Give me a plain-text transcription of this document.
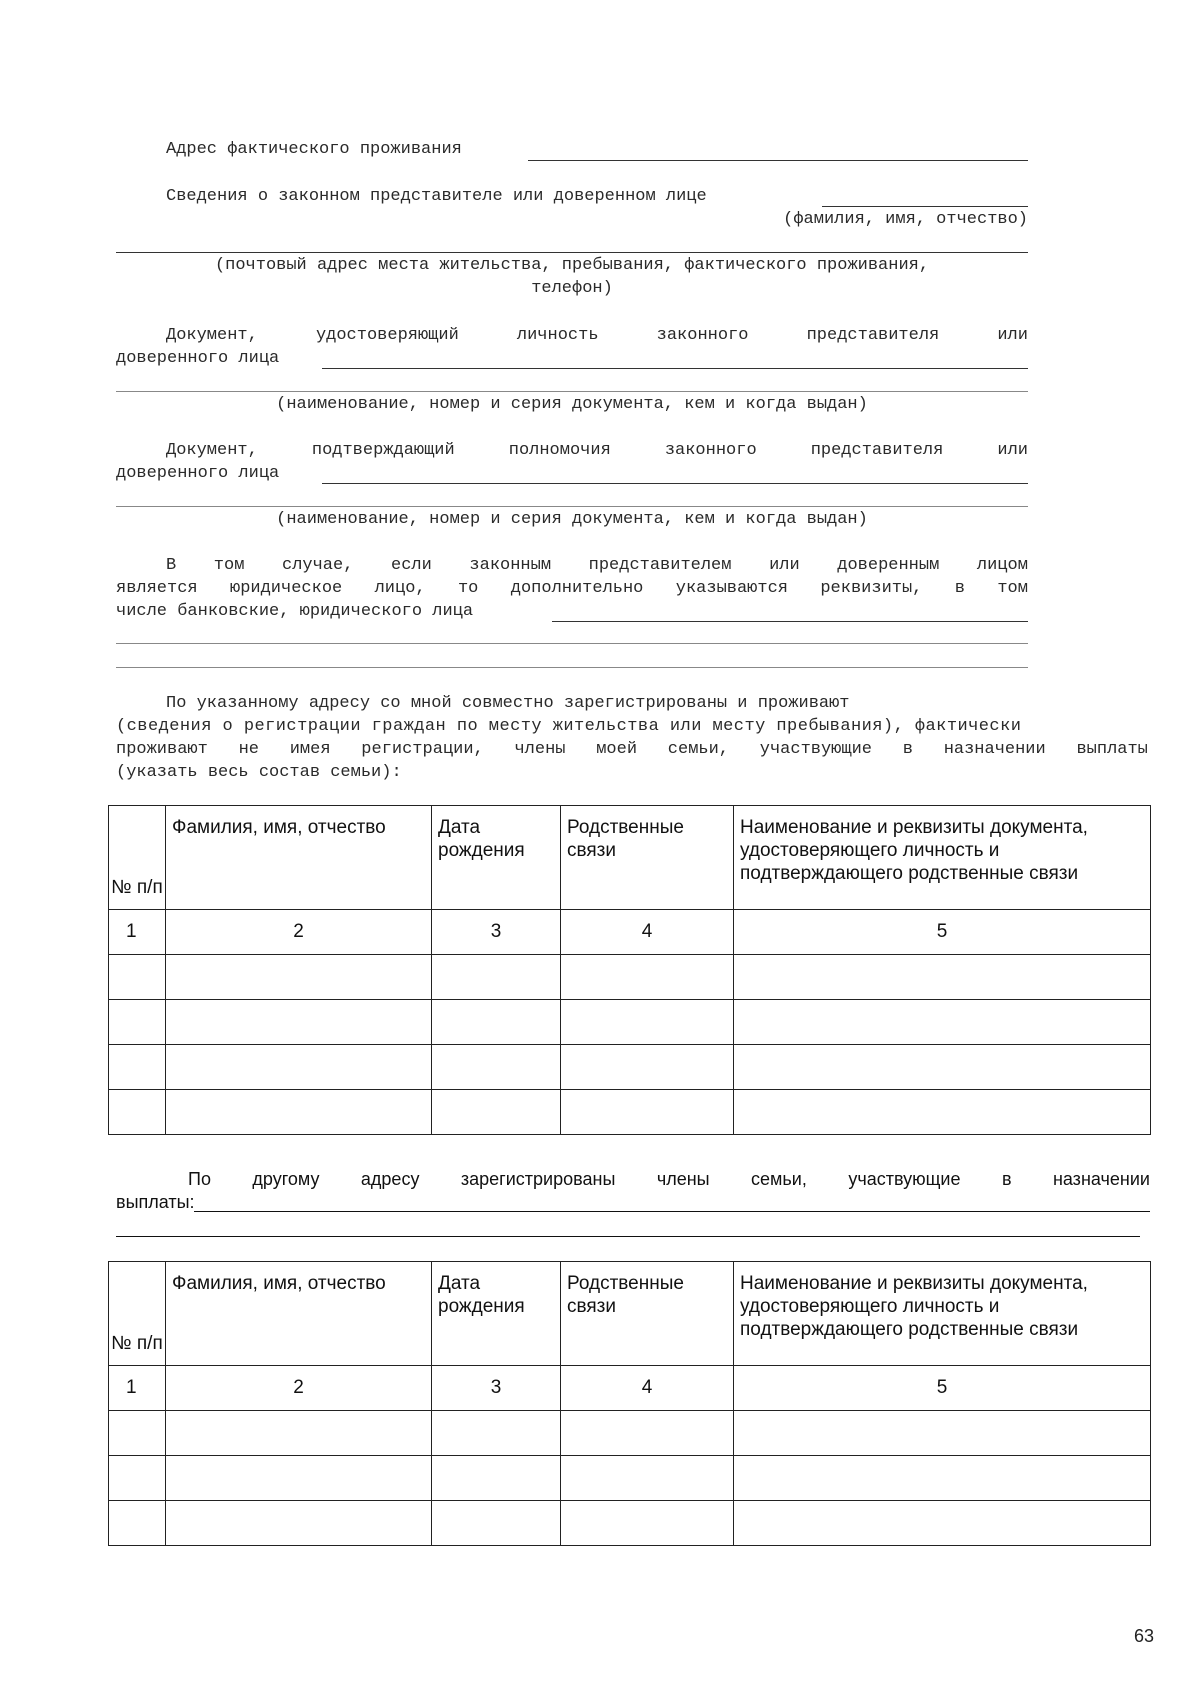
Адрес фактического проживания
Сведения о законном представителе или доверенном лице
(фамилия, имя, отчество)
(почтовый адрес места жительства, пребывания, фактического проживания,
телефон)
Документ,	удостоверяющий	личность	законного	представителя	или
доверенного лица
(наименование, номер и серия документа, кем и когда выдан)
Документ,	подтверждающий	полномочия	законного	представителя	или
доверенного лица
(наименование, номер и серия документа, кем и когда выдан)
В том случае, если законным представителем или доверенным лицом
является юридическое лицо, то дополнительно указываются реквизиты, в том
числе банковские, юридического лица
По указанному адресу со мной совместно зарегистрированы и проживают
(сведения о регистрации граждан по месту жительства или месту пребывания), фактически
проживают не имея регистрации, члены моей семьи, участвующие в назначении выплаты
(указать весь состав семьи):
№ п/п	Фамилия, имя, отчество	Дата рождения	Родственные связи	Наименование и реквизиты документа, удостоверяющего личность и подтверждающего родственные связи
1	2	3	4	5

По другому адресу зарегистрированы члены семьи, участвующие в назначении
выплаты:
№ п/п	Фамилия, имя, отчество	Дата рождения	Родственные связи	Наименование и реквизиты документа, удостоверяющего личность и подтверждающего родственные связи
1	2	3	4	5

63
